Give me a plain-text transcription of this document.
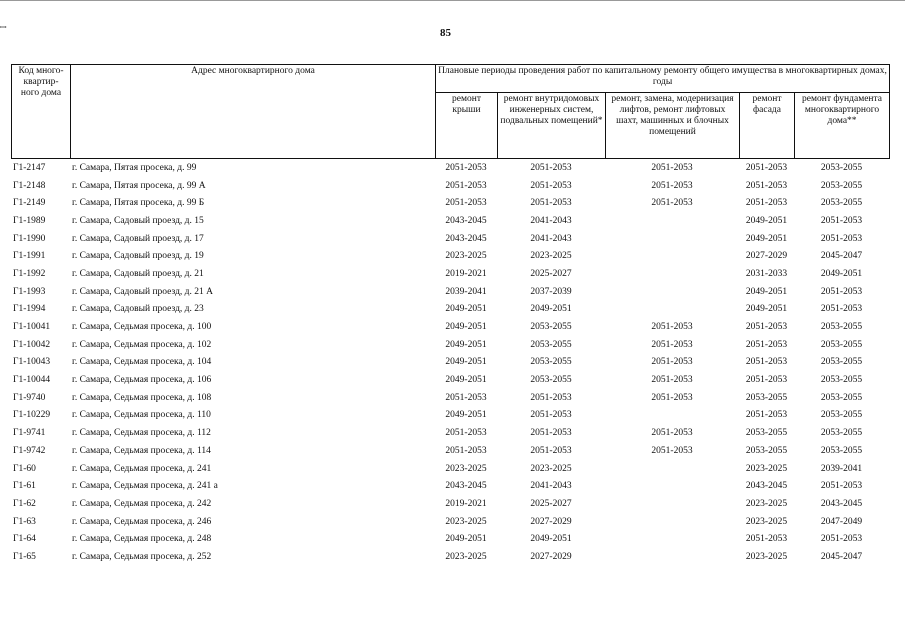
85
Код много-
квартир-
ного дома	Адрес многоквартирного дома	Плановые периоды проведения работ по капитальному ремонту общего имущества в многоквартирных домах, годы				
		ремонт крыши	ремонт внутридомовых инженерных систем, подвальных помещений*	ремонт, замена, модернизация лифтов, ремонт лифтовых шахт, машинных и блочных помещений	ремонт фасада	ремонт фундамента многоквартирного дома**
Г1-2147	г. Самара, Пятая просека, д. 99	2051-2053	2051-2053	2051-2053	2051-2053	2053-2055
Г1-2148	г. Самара, Пятая просека, д. 99 А	2051-2053	2051-2053	2051-2053	2051-2053	2053-2055
Г1-2149	г. Самара, Пятая просека, д. 99 Б	2051-2053	2051-2053	2051-2053	2051-2053	2053-2055
Г1-1989	г. Самара, Садовый проезд, д. 15	2043-2045	2041-2043		2049-2051	2051-2053
Г1-1990	г. Самара, Садовый проезд, д. 17	2043-2045	2041-2043		2049-2051	2051-2053
Г1-1991	г. Самара, Садовый проезд, д. 19	2023-2025	2023-2025		2027-2029	2045-2047
Г1-1992	г. Самара, Садовый проезд, д. 21	2019-2021	2025-2027		2031-2033	2049-2051
Г1-1993	г. Самара, Садовый проезд, д. 21 А	2039-2041	2037-2039		2049-2051	2051-2053
Г1-1994	г. Самара, Садовый проезд, д. 23	2049-2051	2049-2051		2049-2051	2051-2053
Г1-10041	г. Самара, Седьмая просека, д. 100	2049-2051	2053-2055	2051-2053	2051-2053	2053-2055
Г1-10042	г. Самара, Седьмая просека, д. 102	2049-2051	2053-2055	2051-2053	2051-2053	2053-2055
Г1-10043	г. Самара, Седьмая просека, д. 104	2049-2051	2053-2055	2051-2053	2051-2053	2053-2055
Г1-10044	г. Самара, Седьмая просека, д. 106	2049-2051	2053-2055	2051-2053	2051-2053	2053-2055
Г1-9740	г. Самара, Седьмая просека, д. 108	2051-2053	2051-2053	2051-2053	2053-2055	2053-2055
Г1-10229	г. Самара, Седьмая просека, д. 110	2049-2051	2051-2053		2051-2053	2053-2055
Г1-9741	г. Самара, Седьмая просека, д. 112	2051-2053	2051-2053	2051-2053	2053-2055	2053-2055
Г1-9742	г. Самара, Седьмая просека, д. 114	2051-2053	2051-2053	2051-2053	2053-2055	2053-2055
Г1-60	г. Самара, Седьмая просека, д. 241	2023-2025	2023-2025		2023-2025	2039-2041
Г1-61	г. Самара, Седьмая просека, д. 241 а	2043-2045	2041-2043		2043-2045	2051-2053
Г1-62	г. Самара, Седьмая просека, д. 242	2019-2021	2025-2027		2023-2025	2043-2045
Г1-63	г. Самара, Седьмая просека, д. 246	2023-2025	2027-2029		2023-2025	2047-2049
Г1-64	г. Самара, Седьмая просека, д. 248	2049-2051	2049-2051		2051-2053	2051-2053
Г1-65	г. Самара, Седьмая просека, д. 252	2023-2025	2027-2029		2023-2025	2045-2047
ꟷ
